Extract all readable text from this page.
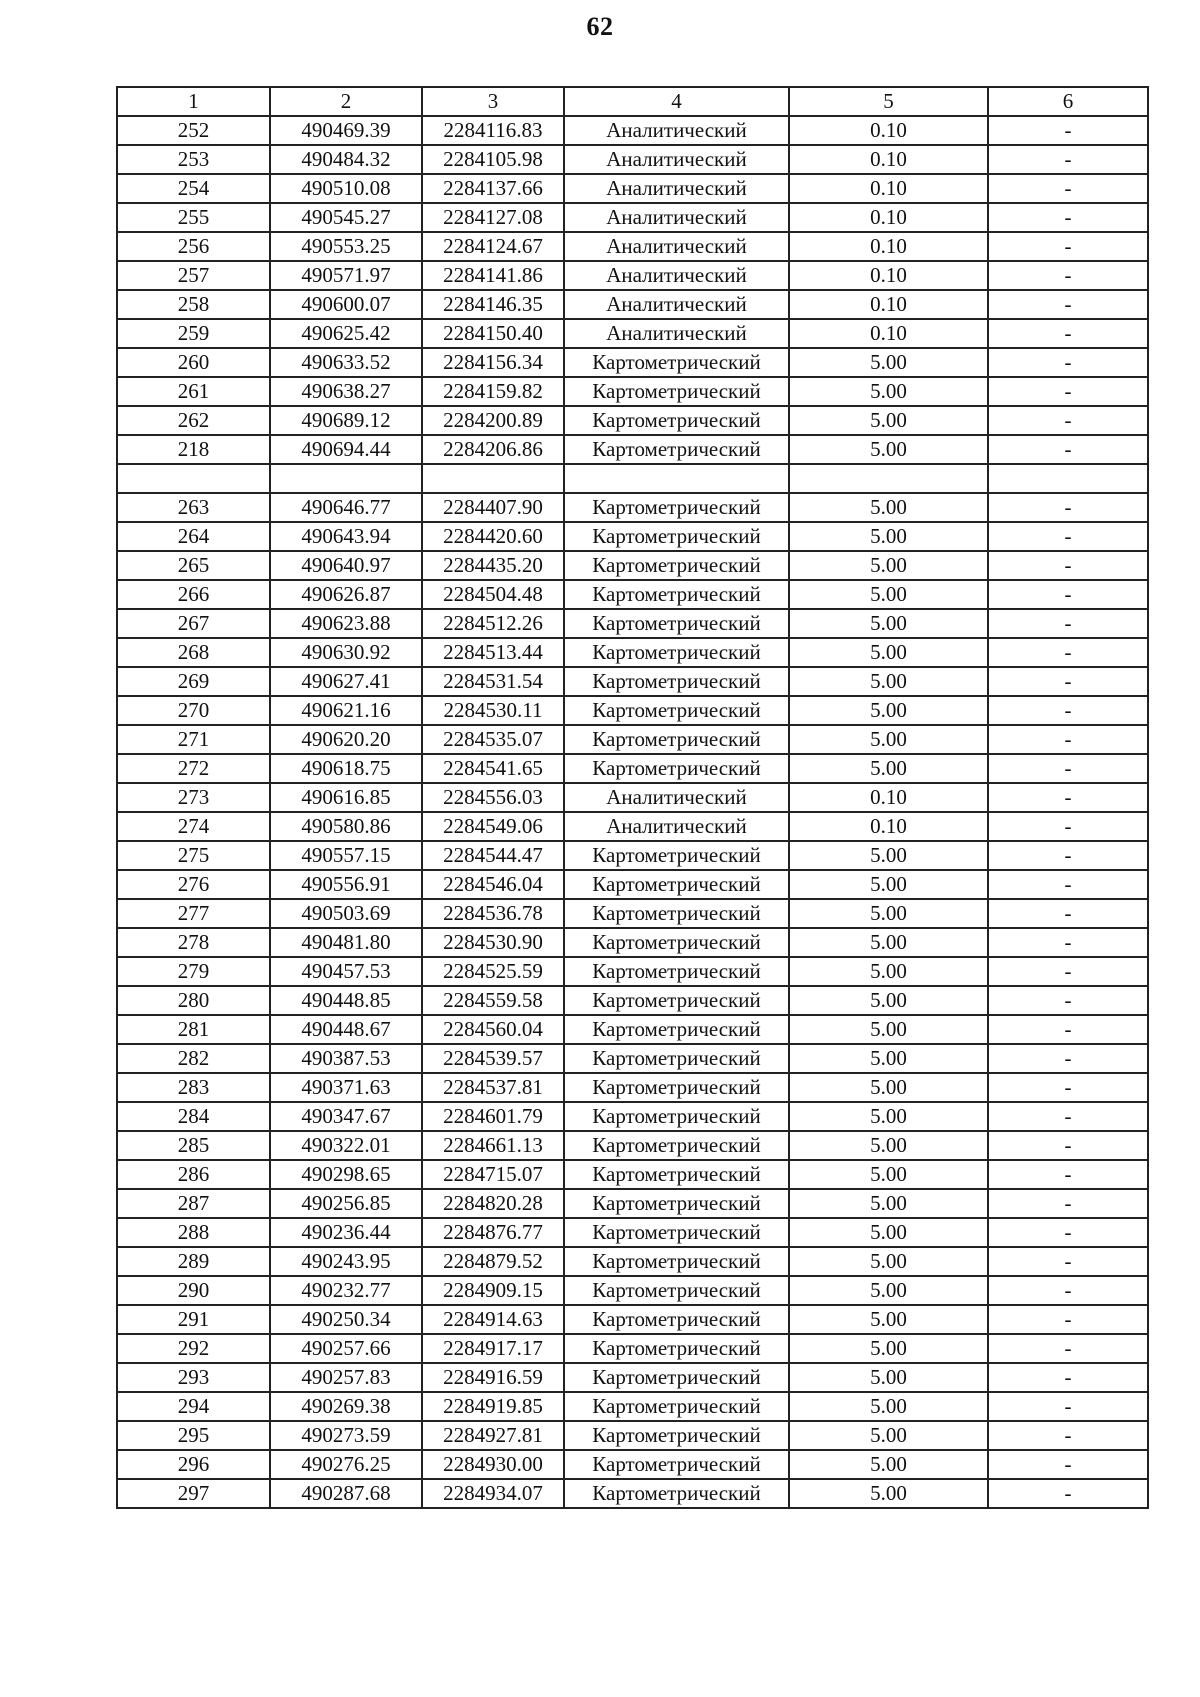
62
1	2	3	4	5	6
252	490469.39	2284116.83	Аналитический	0.10	-
253	490484.32	2284105.98	Аналитический	0.10	-
254	490510.08	2284137.66	Аналитический	0.10	-
255	490545.27	2284127.08	Аналитический	0.10	-
256	490553.25	2284124.67	Аналитический	0.10	-
257	490571.97	2284141.86	Аналитический	0.10	-
258	490600.07	2284146.35	Аналитический	0.10	-
259	490625.42	2284150.40	Аналитический	0.10	-
260	490633.52	2284156.34	Картометрический	5.00	-
261	490638.27	2284159.82	Картометрический	5.00	-
262	490689.12	2284200.89	Картометрический	5.00	-
218	490694.44	2284206.86	Картометрический	5.00	-

263	490646.77	2284407.90	Картометрический	5.00	-
264	490643.94	2284420.60	Картометрический	5.00	-
265	490640.97	2284435.20	Картометрический	5.00	-
266	490626.87	2284504.48	Картометрический	5.00	-
267	490623.88	2284512.26	Картометрический	5.00	-
268	490630.92	2284513.44	Картометрический	5.00	-
269	490627.41	2284531.54	Картометрический	5.00	-
270	490621.16	2284530.11	Картометрический	5.00	-
271	490620.20	2284535.07	Картометрический	5.00	-
272	490618.75	2284541.65	Картометрический	5.00	-
273	490616.85	2284556.03	Аналитический	0.10	-
274	490580.86	2284549.06	Аналитический	0.10	-
275	490557.15	2284544.47	Картометрический	5.00	-
276	490556.91	2284546.04	Картометрический	5.00	-
277	490503.69	2284536.78	Картометрический	5.00	-
278	490481.80	2284530.90	Картометрический	5.00	-
279	490457.53	2284525.59	Картометрический	5.00	-
280	490448.85	2284559.58	Картометрический	5.00	-
281	490448.67	2284560.04	Картометрический	5.00	-
282	490387.53	2284539.57	Картометрический	5.00	-
283	490371.63	2284537.81	Картометрический	5.00	-
284	490347.67	2284601.79	Картометрический	5.00	-
285	490322.01	2284661.13	Картометрический	5.00	-
286	490298.65	2284715.07	Картометрический	5.00	-
287	490256.85	2284820.28	Картометрический	5.00	-
288	490236.44	2284876.77	Картометрический	5.00	-
289	490243.95	2284879.52	Картометрический	5.00	-
290	490232.77	2284909.15	Картометрический	5.00	-
291	490250.34	2284914.63	Картометрический	5.00	-
292	490257.66	2284917.17	Картометрический	5.00	-
293	490257.83	2284916.59	Картометрический	5.00	-
294	490269.38	2284919.85	Картометрический	5.00	-
295	490273.59	2284927.81	Картометрический	5.00	-
296	490276.25	2284930.00	Картометрический	5.00	-
297	490287.68	2284934.07	Картометрический	5.00	-
